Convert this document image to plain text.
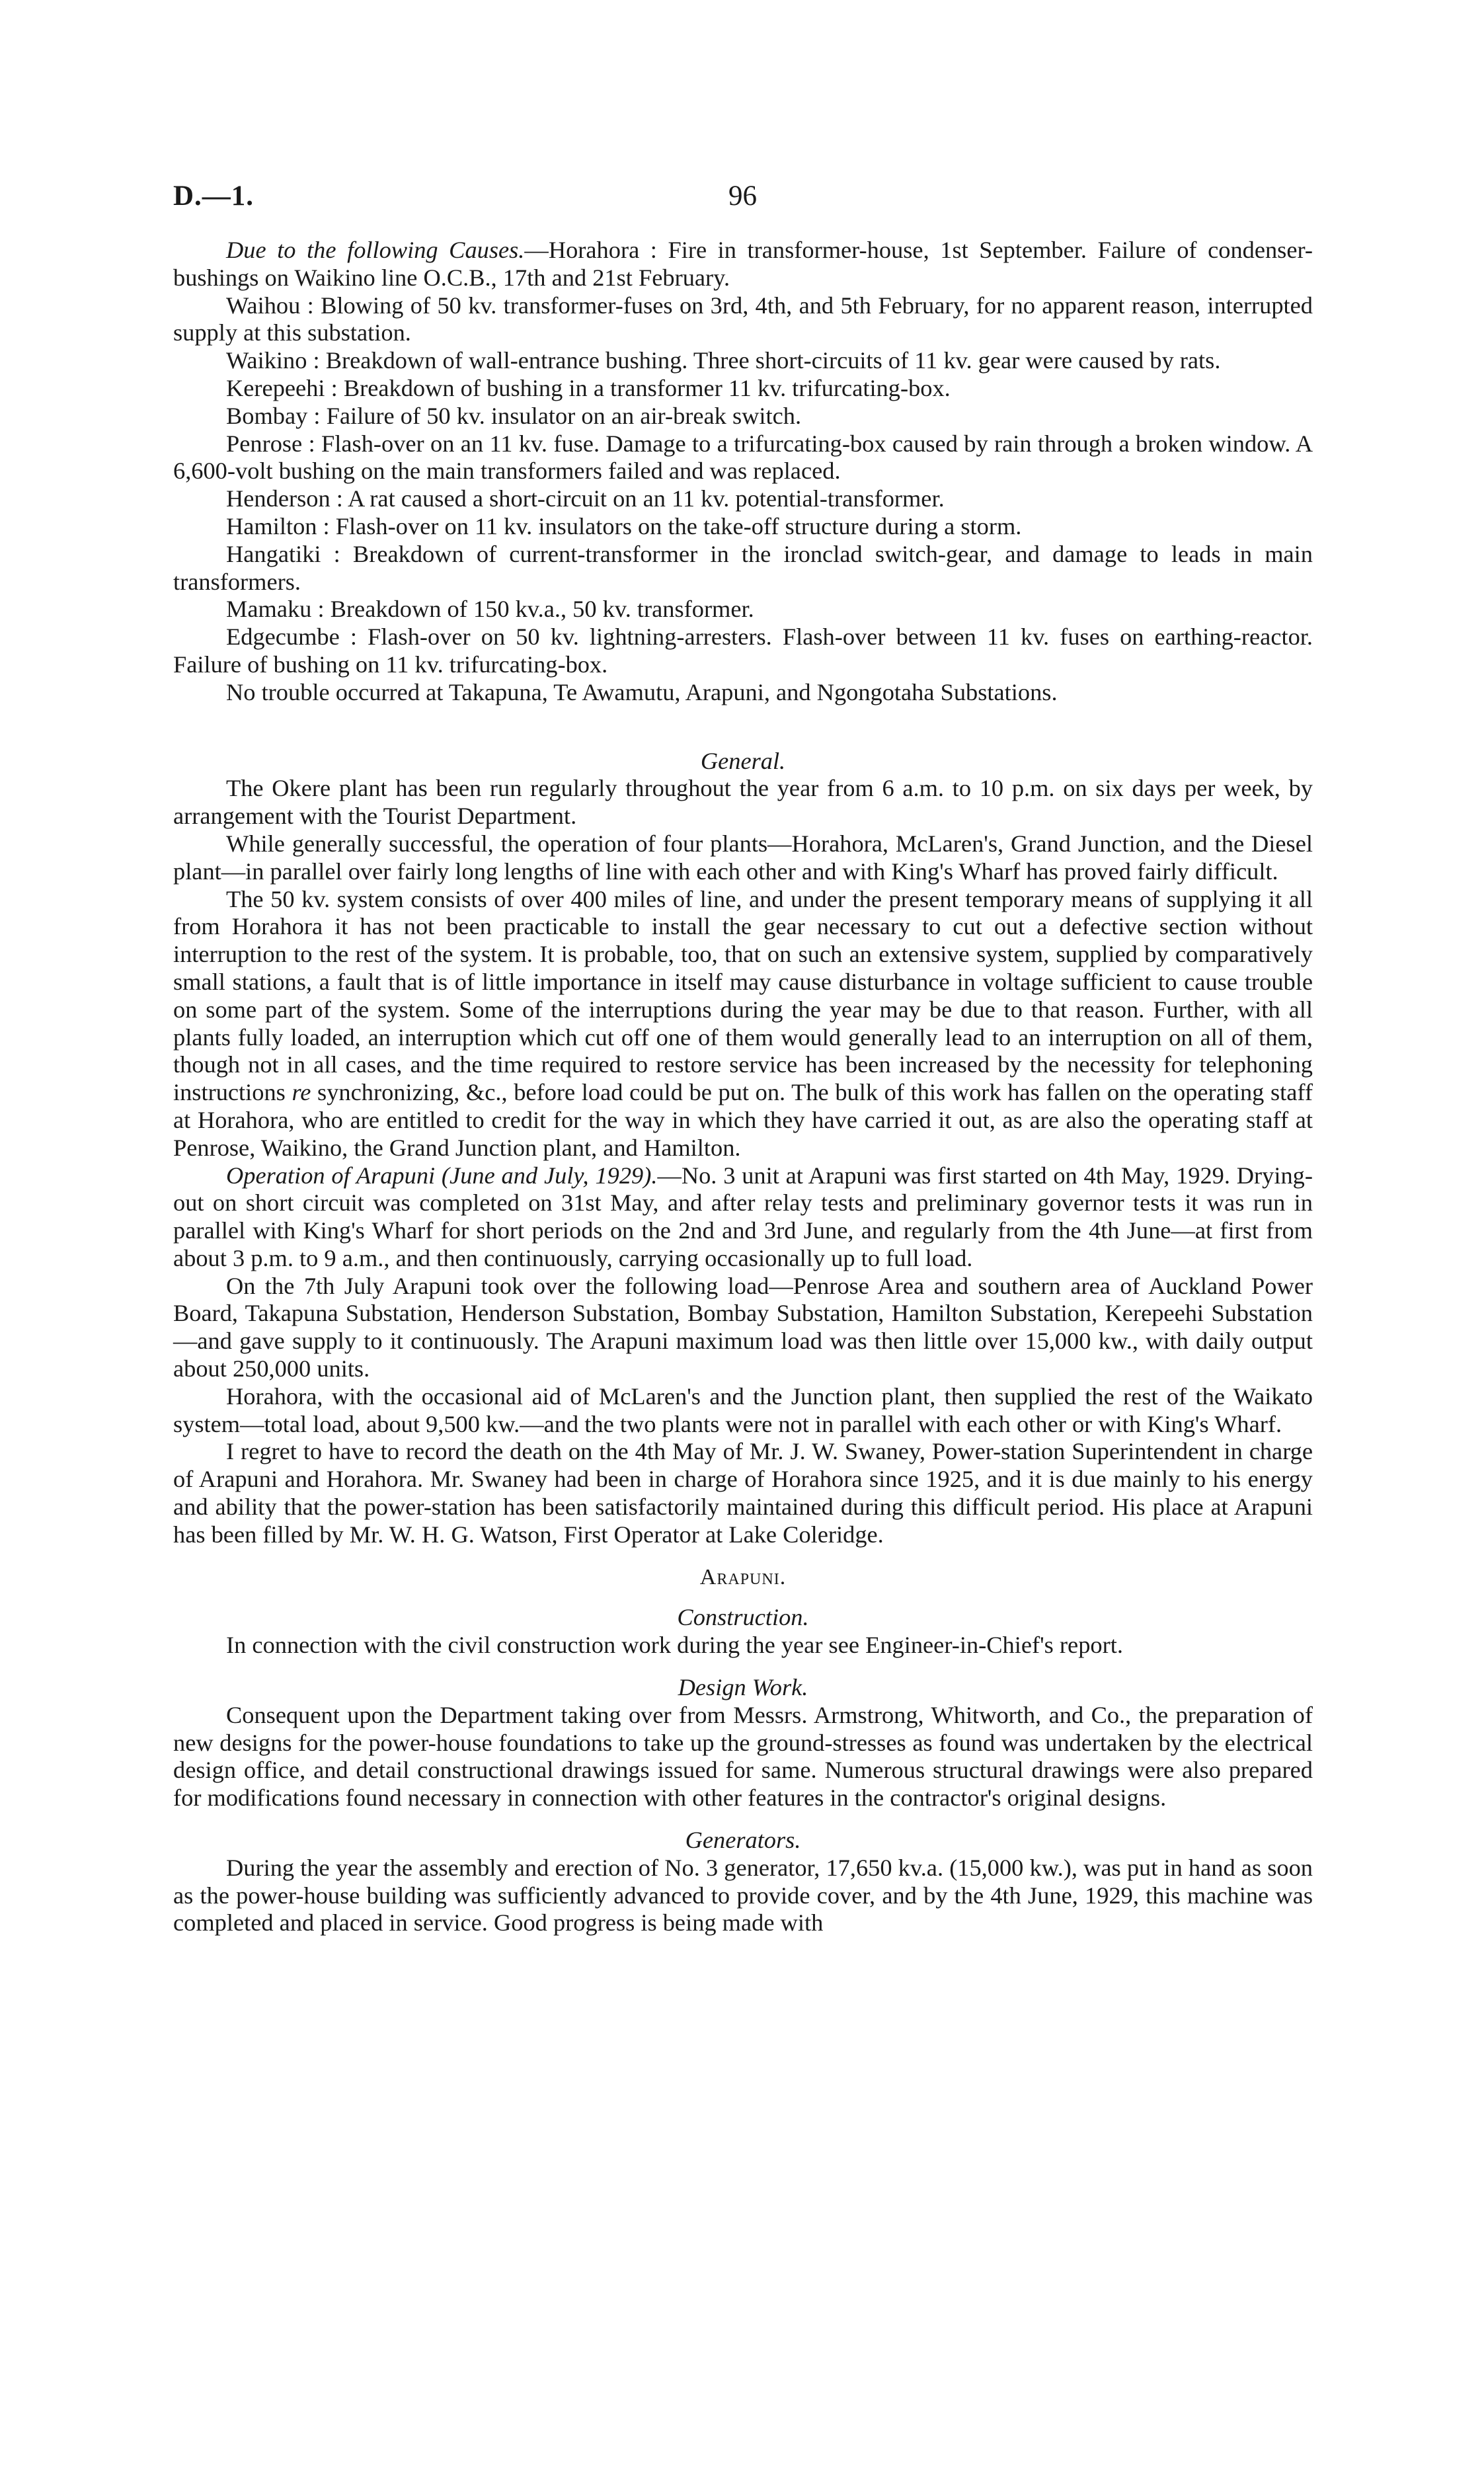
D.—1.	96

Due to the following Causes.—Horahora : Fire in transformer-house, 1st September. Failure of condenser-bushings on Waikino line O.C.B., 17th and 21st February.

Waihou : Blowing of 50 kv. transformer-fuses on 3rd, 4th, and 5th February, for no apparent reason, interrupted supply at this substation.

Waikino : Breakdown of wall-entrance bushing. Three short-circuits of 11 kv. gear were caused by rats.

Kerepeehi : Breakdown of bushing in a transformer 11 kv. trifurcating-box.

Bombay : Failure of 50 kv. insulator on an air-break switch.

Penrose : Flash-over on an 11 kv. fuse. Damage to a trifurcating-box caused by rain through a broken window. A 6,600-volt bushing on the main transformers failed and was replaced.

Henderson : A rat caused a short-circuit on an 11 kv. potential-transformer.

Hamilton : Flash-over on 11 kv. insulators on the take-off structure during a storm.

Hangatiki : Breakdown of current-transformer in the ironclad switch-gear, and damage to leads in main transformers.

Mamaku : Breakdown of 150 kv.a., 50 kv. transformer.

Edgecumbe : Flash-over on 50 kv. lightning-arresters. Flash-over between 11 kv. fuses on earthing-reactor. Failure of bushing on 11 kv. trifurcating-box.

No trouble occurred at Takapuna, Te Awamutu, Arapuni, and Ngongotaha Substations.

General.

The Okere plant has been run regularly throughout the year from 6 a.m. to 10 p.m. on six days per week, by arrangement with the Tourist Department.

While generally successful, the operation of four plants—Horahora, McLaren's, Grand Junction, and the Diesel plant—in parallel over fairly long lengths of line with each other and with King's Wharf has proved fairly difficult.

The 50 kv. system consists of over 400 miles of line, and under the present temporary means of supplying it all from Horahora it has not been practicable to install the gear necessary to cut out a defective section without interruption to the rest of the system. It is probable, too, that on such an extensive system, supplied by comparatively small stations, a fault that is of little importance in itself may cause disturbance in voltage sufficient to cause trouble on some part of the system. Some of the interruptions during the year may be due to that reason. Further, with all plants fully loaded, an interruption which cut off one of them would generally lead to an interruption on all of them, though not in all cases, and the time required to restore service has been increased by the necessity for telephoning instructions re synchronizing, &c., before load could be put on. The bulk of this work has fallen on the operating staff at Horahora, who are entitled to credit for the way in which they have carried it out, as are also the operating staff at Penrose, Waikino, the Grand Junction plant, and Hamilton.

Operation of Arapuni (June and July, 1929).—No. 3 unit at Arapuni was first started on 4th May, 1929. Drying-out on short circuit was completed on 31st May, and after relay tests and preliminary governor tests it was run in parallel with King's Wharf for short periods on the 2nd and 3rd June, and regularly from the 4th June—at first from about 3 p.m. to 9 a.m., and then continuously, carrying occasionally up to full load.

On the 7th July Arapuni took over the following load—Penrose Area and southern area of Auckland Power Board, Takapuna Substation, Henderson Substation, Bombay Substation, Hamilton Substation, Kerepeehi Substation—and gave supply to it continuously. The Arapuni maximum load was then little over 15,000 kw., with daily output about 250,000 units.

Horahora, with the occasional aid of McLaren's and the Junction plant, then supplied the rest of the Waikato system—total load, about 9,500 kw.—and the two plants were not in parallel with each other or with King's Wharf.

I regret to have to record the death on the 4th May of Mr. J. W. Swaney, Power-station Superintendent in charge of Arapuni and Horahora. Mr. Swaney had been in charge of Horahora since 1925, and it is due mainly to his energy and ability that the power-station has been satisfactorily maintained during this difficult period. His place at Arapuni has been filled by Mr. W. H. G. Watson, First Operator at Lake Coleridge.

Arapuni.
Construction.

In connection with the civil construction work during the year see Engineer-in-Chief's report.

Design Work.

Consequent upon the Department taking over from Messrs. Armstrong, Whitworth, and Co., the preparation of new designs for the power-house foundations to take up the ground-stresses as found was undertaken by the electrical design office, and detail constructional drawings issued for same. Numerous structural drawings were also prepared for modifications found necessary in connection with other features in the contractor's original designs.

Generators.

During the year the assembly and erection of No. 3 generator, 17,650 kv.a. (15,000 kw.), was put in hand as soon as the power-house building was sufficiently advanced to provide cover, and by the 4th June, 1929, this machine was completed and placed in service. Good progress is being made with
